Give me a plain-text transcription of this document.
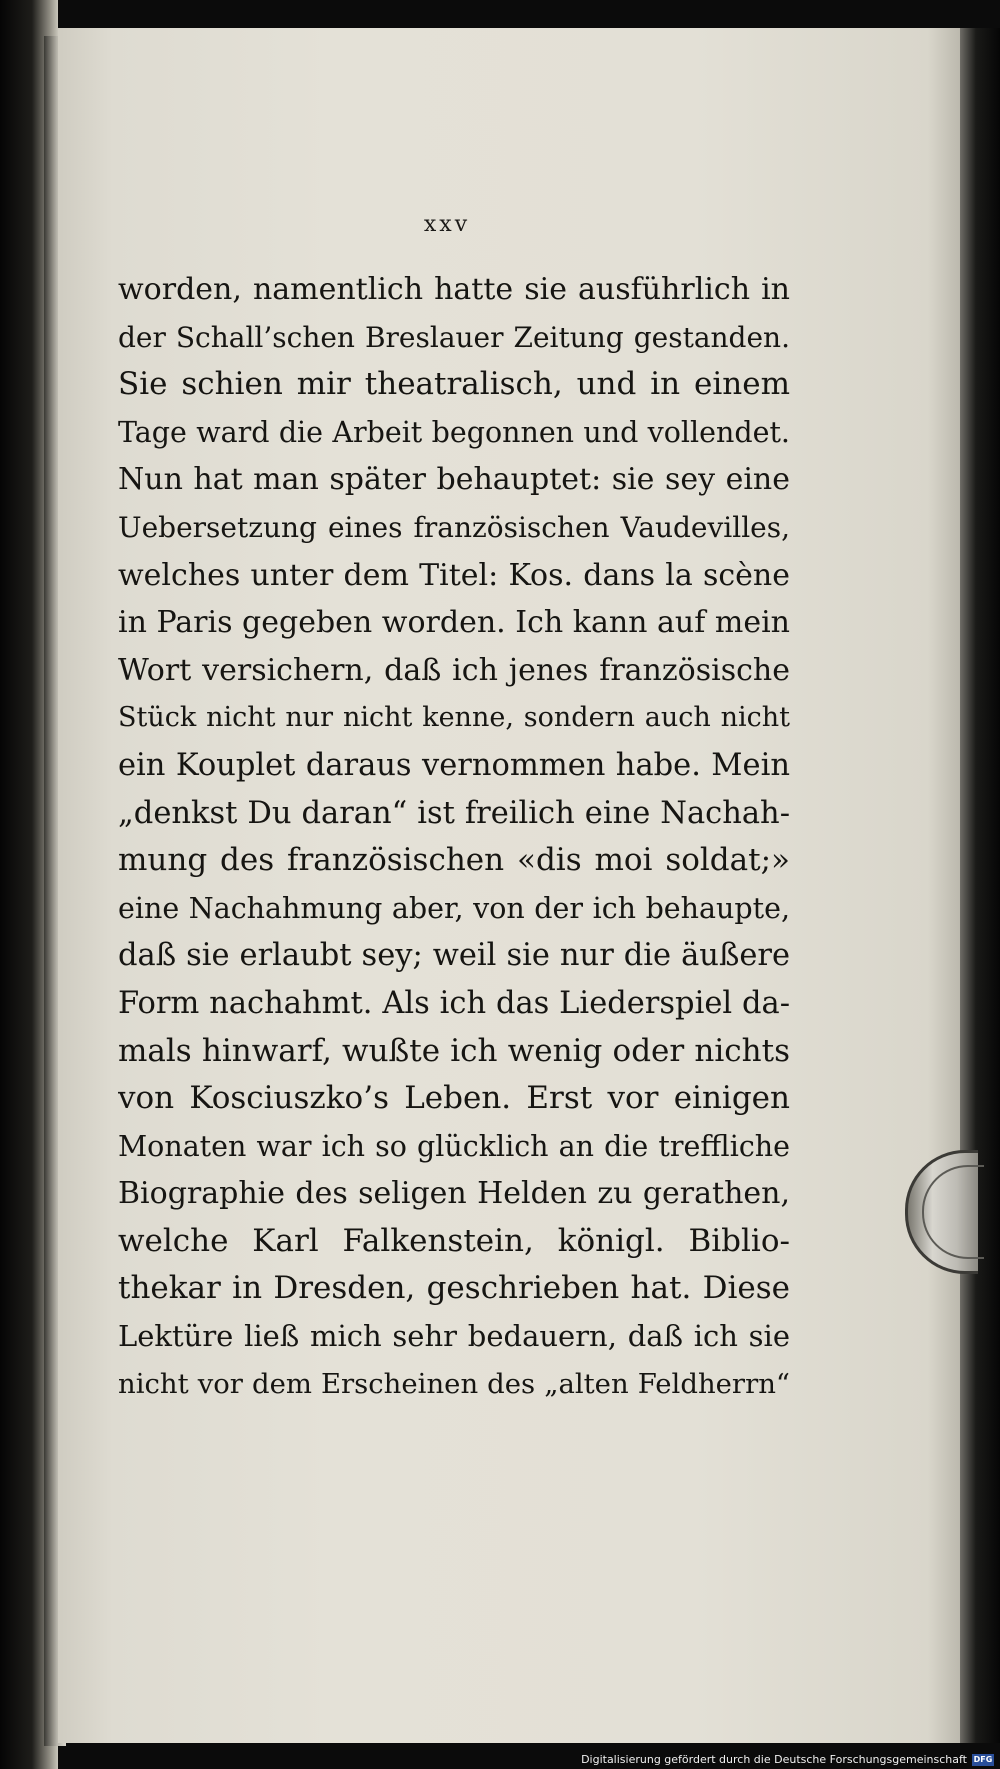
xxv
worden, namentlich hatte sie ausführlich in
der Schall’schen Breslauer Zeitung gestanden.
Sie schien mir theatralisch, und in einem
Tage ward die Arbeit begonnen und vollendet.
Nun hat man später behauptet: sie sey eine
Uebersetzung eines französischen Vaudevilles,
welches unter dem Titel: Kos. dans la scène
in Paris gegeben worden. Ich kann auf mein
Wort versichern, daß ich jenes französische
Stück nicht nur nicht kenne, sondern auch nicht
ein Kouplet daraus vernommen habe. Mein
„denkst Du daran“ ist freilich eine Nachah-
mung des französischen «dis moi soldat;»
eine Nachahmung aber, von der ich behaupte,
daß sie erlaubt sey; weil sie nur die äußere
Form nachahmt. Als ich das Liederspiel da-
mals hinwarf, wußte ich wenig oder nichts
von Kosciuszko’s Leben. Erst vor einigen
Monaten war ich so glücklich an die treffliche
Biographie des seligen Helden zu gerathen,
welche Karl Falkenstein, königl. Biblio-
thekar in Dresden, geschrieben hat. Diese
Lektüre ließ mich sehr bedauern, daß ich sie
nicht vor dem Erscheinen des „alten Feldherrn“
Digitalisierung gefördert durch die Deutsche Forschungsgemeinschaft DFG
